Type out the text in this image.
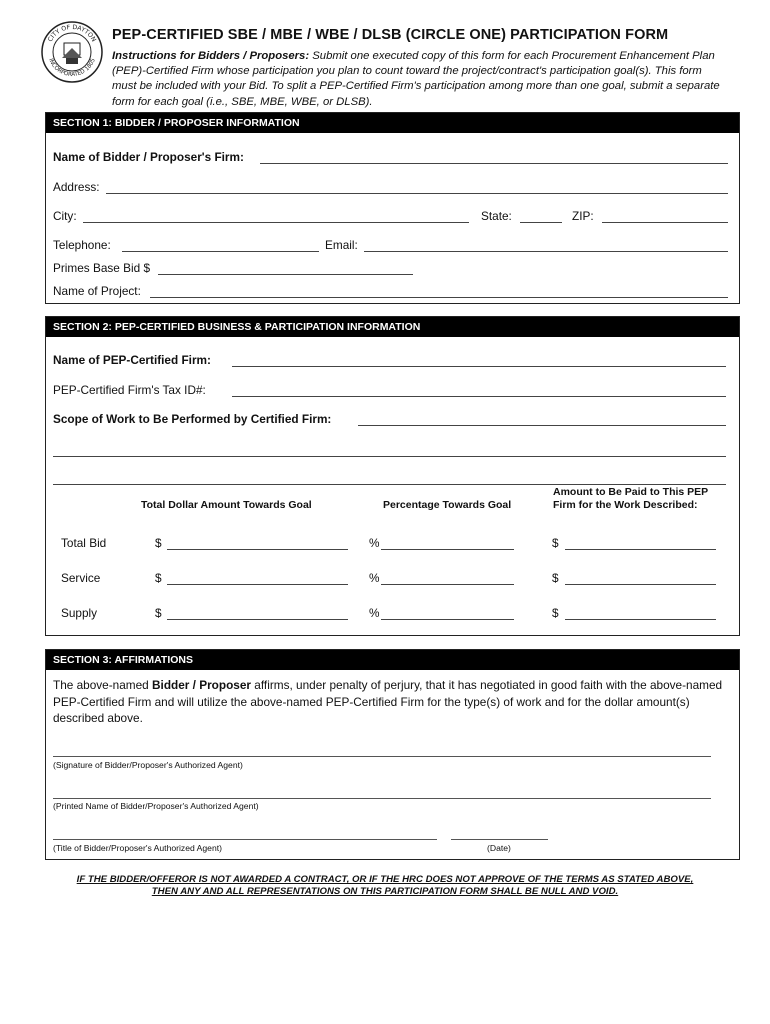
CITY OF DAYTON
INCORPORATED 1805
PEP-CERTIFIED SBE / MBE / WBE / DLSB (CIRCLE ONE) PARTICIPATION FORM
Instructions for Bidders / Proposers: Submit one executed copy of this form for each Procurement Enhancement Plan (PEP)-Certified Firm whose participation you plan to count toward the project/contract's participation goal(s). This form must be included with your Bid. To split a PEP-Certified Firm's participation among more than one goal, submit a separate form for each goal (i.e., SBE, MBE, WBE, or DLSB).
SECTION 1: BIDDER / PROPOSER INFORMATION
Name of Bidder / Proposer's Firm:
Address:
City:	State:	ZIP:
Telephone:	Email:
Primes Base Bid $
Name of Project:
SECTION 2: PEP-CERTIFIED BUSINESS & PARTICIPATION INFORMATION
Name of PEP-Certified Firm:
PEP-Certified Firm's Tax ID#:
Scope of Work to Be Performed by Certified Firm:
Total Dollar Amount Towards Goal	Percentage Towards Goal
Amount to Be Paid to This PEP
Firm for the Work Described:
Total Bid	$	%	$
Service	$	%	$
Supply	$	%	$
SECTION 3: AFFIRMATIONS
The above-named Bidder / Proposer affirms, under penalty of perjury, that it has negotiated in good faith with the above-named PEP-Certified Firm and will utilize the above-named PEP-Certified Firm for the type(s) of work and for the dollar amount(s) described above.
(Signature of Bidder/Proposer's Authorized Agent)
(Printed Name of Bidder/Proposer's Authorized Agent)
(Title of Bidder/Proposer's Authorized Agent)	(Date)
IF THE BIDDER/OFFEROR IS NOT AWARDED A CONTRACT, OR IF THE HRC DOES NOT APPROVE OF THE TERMS AS STATED ABOVE,
THEN ANY AND ALL REPRESENTATIONS ON THIS PARTICIPATION FORM SHALL BE NULL AND VOID.
